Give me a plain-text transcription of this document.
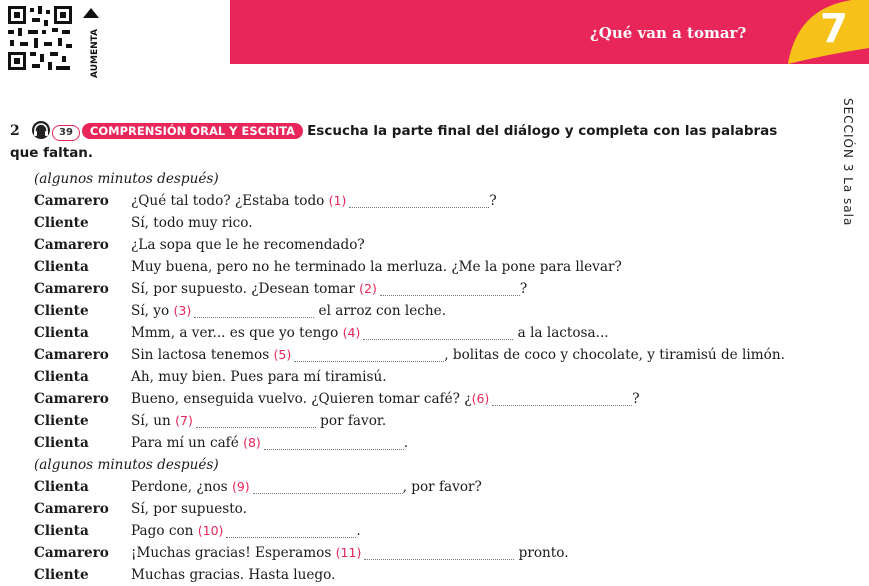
¿Qué van a tomar? 7
AUMENTA
SECCIÓN 3 La sala
2	39 COMPRENSIÓN ORAL Y ESCRITA Escucha la parte final del diálogo y completa con las palabras
que faltan.
(algunos minutos después)
Camarero ¿Qué tal todo? ¿Estaba todo (1)	?
Cliente	Sí, todo muy rico.
Camarero ¿La sopa que le he recomendado?
Clienta	Muy buena, pero no he terminado la merluza. ¿Me la pone para llevar?
Camarero Sí, por supuesto. ¿Desean tomar (2)	?
Cliente	Sí, yo (3)	el arroz con leche.
Clienta	Mmm, a ver... es que yo tengo (4)	a la lactosa...
Camarero Sin lactosa tenemos (5)	, bolitas de coco y chocolate, y tiramisú de limón.
Clienta	Ah, muy bien. Pues para mí tiramisú.
Camarero Bueno, enseguida vuelvo. ¿Quieren tomar café? ¿(6)	?
Cliente	Sí, un (7)	por favor.
Clienta	Para mí un café (8)	.
(algunos minutos después)
Clienta	Perdone, ¿nos (9)	, por favor?
Camarero Sí, por supuesto.
Clienta	Pago con (10)	.
Camarero ¡Muchas gracias! Esperamos (11)	pronto.
Cliente	Muchas gracias. Hasta luego.
